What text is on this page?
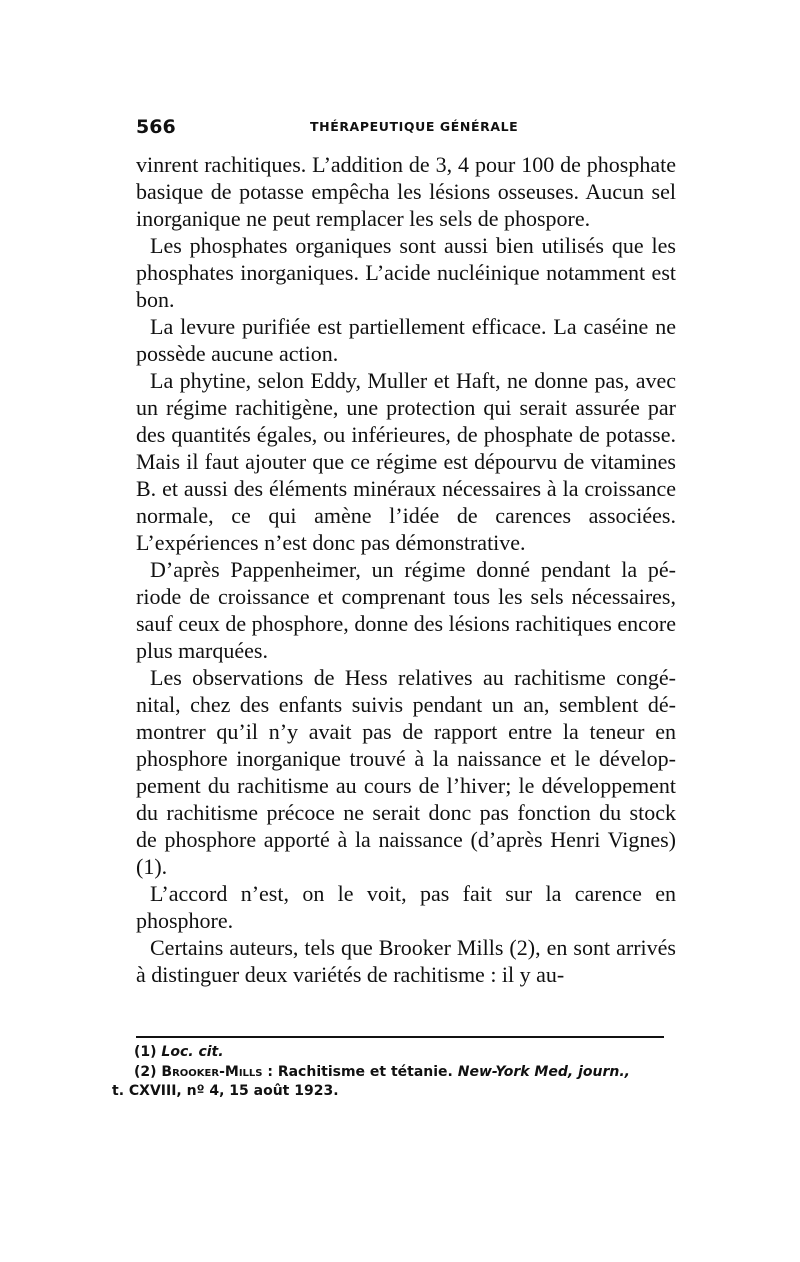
566	THÉRAPEUTIQUE GÉNÉRALE

vinrent rachitiques. L’addition de 3, 4 pour 100 de phosphate basique de potasse empêcha les lésions osseuses. Aucun sel inorganique ne peut remplacer les sels de phospore.

Les phosphates organiques sont aussi bien utilisés que les phosphates inorganiques. L’acide nucléinique notamment est bon.

La levure purifiée est partiellement efficace. La caséine ne possède aucune action.

La phytine, selon Eddy, Muller et Haft, ne donne pas, avec un régime rachitigène, une protection qui serait assurée par des quantités égales, ou inférieures, de phosphate de potasse. Mais il faut ajouter que ce régime est dépourvu de vitamines B. et aussi des éléments minéraux nécessaires à la croissance normale, ce qui amène l’idée de carences associées. L’expériences n’est donc pas démonstrative.

D’après Pappenheimer, un régime donné pendant la période de croissance et comprenant tous les sels nécessaires, sauf ceux de phosphore, donne des lésions rachitiques encore plus marquées.

Les observations de Hess relatives au rachitisme congénital, chez des enfants suivis pendant un an, semblent démontrer qu’il n’y avait pas de rapport entre la teneur en phosphore inorganique trouvé à la naissance et le développement du rachitisme au cours de l’hiver; le développement du rachitisme précoce ne serait donc pas fonction du stock de phosphore apporté à la naissance (d’après Henri Vignes) (1).

L’accord n’est, on le voit, pas fait sur la carence en phosphore.

Certains auteurs, tels que Brooker Mills (2), en sont arrivés à distinguer deux variétés de rachitisme : il y au-

(1) Loc. cit.

(2) Brooker-Mills : Rachitisme et tétanie. New-York Med, journ.,

t. CXVIII, nº 4, 15 août 1923.
